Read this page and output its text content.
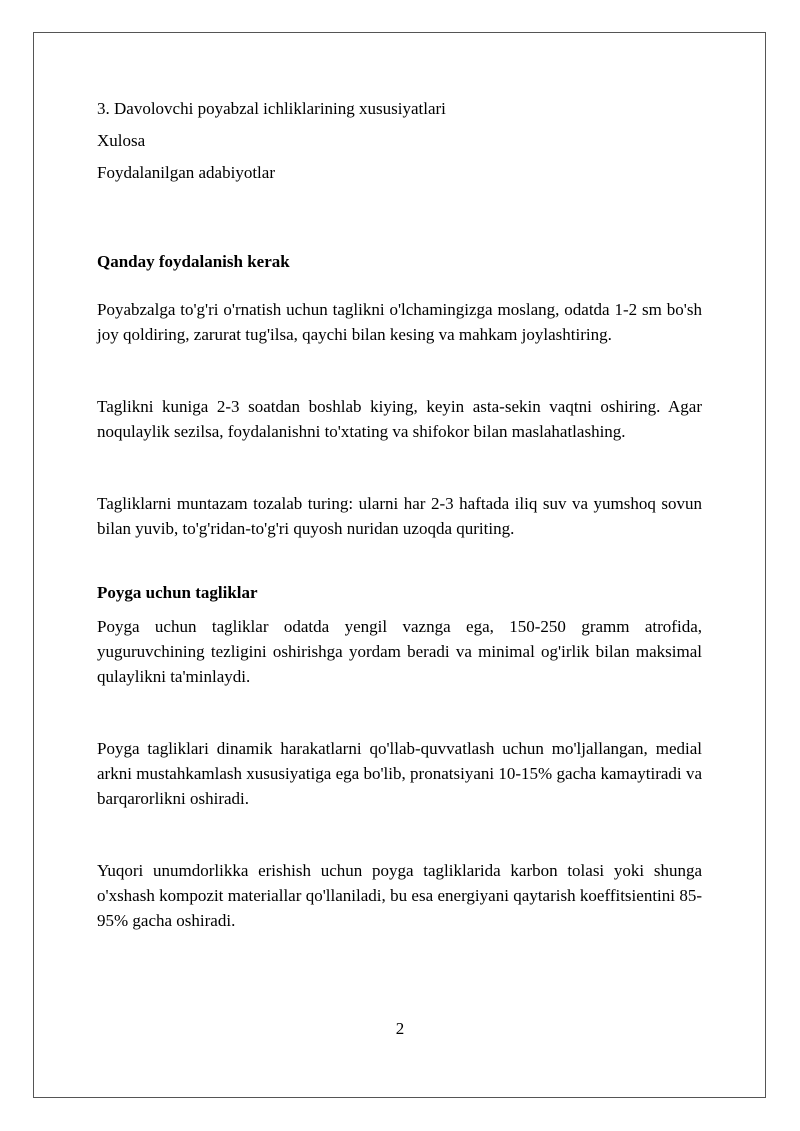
3. Davolovchi poyabzal ichliklarining xususiyatlari

Xulosa

Foydalanilgan adabiyotlar

Qanday foydalanish kerak

Poyabzalga to'g'ri o'rnatish uchun taglikni o'lchamingizga moslang, odatda 1-2 sm bo'sh joy qoldiring, zarurat tug'ilsa, qaychi bilan kesing va mahkam joylashtiring.

Taglikni kuniga 2-3 soatdan boshlab kiying, keyin asta-sekin vaqtni oshiring. Agar noqulaylik sezilsa, foydalanishni to'xtating va shifokor bilan maslahatlashing.

Tagliklarni muntazam tozalab turing: ularni har 2-3 haftada iliq suv va yumshoq sovun bilan yuvib, to'g'ridan-to'g'ri quyosh nuridan uzoqda quriting.

Poyga uchun tagliklar

Poyga uchun tagliklar odatda yengil vaznga ega, 150-250 gramm atrofida, yuguruvchining tezligini oshirishga yordam beradi va minimal og'irlik bilan maksimal qulaylikni ta'minlaydi.

Poyga tagliklari dinamik harakatlarni qo'llab-quvvatlash uchun mo'ljallangan, medial arkni mustahkamlash xususiyatiga ega bo'lib, pronatsiyani 10-15% gacha kamaytiradi va barqarorlikni oshiradi.

Yuqori unumdorlikka erishish uchun poyga tagliklarida karbon tolasi yoki shunga o'xshash kompozit materiallar qo'llaniladi, bu esa energiyani qaytarish koeffitsientini 85-95% gacha oshiradi.

2
